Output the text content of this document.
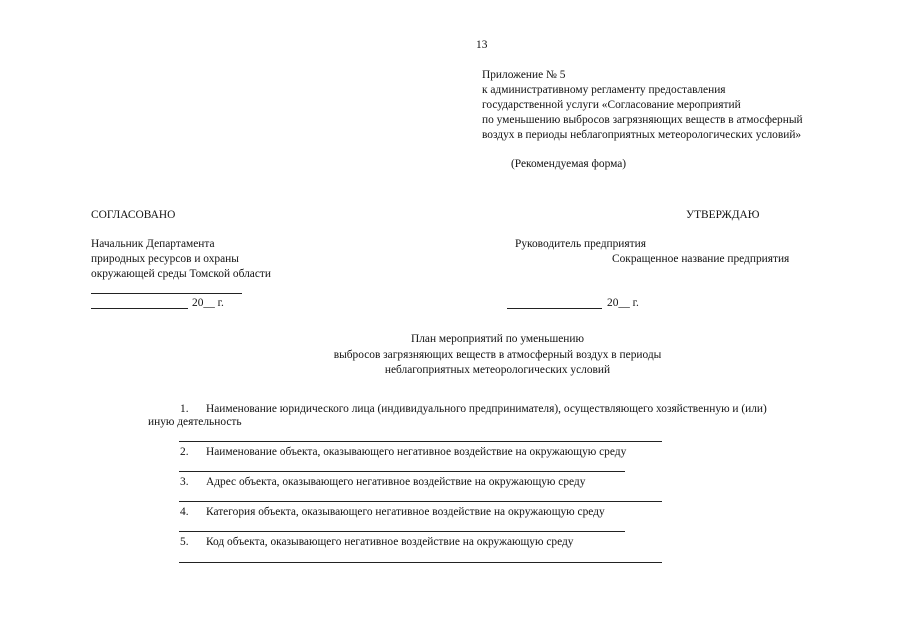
13
Приложение № 5
к административному регламенту предоставления
государственной услуги «Согласование мероприятий
по уменьшению выбросов загрязняющих веществ в атмосферный
воздух в периоды неблагоприятных метеорологических условий»
(Рекомендуемая форма)
СОГЛАСОВАНО
Начальник Департамента
природных ресурсов и охраны
окружающей среды Томской области
20__ г.
УТВЕРЖДАЮ
Руководитель предприятия
Сокращенное название предприятия
20__ г.
План мероприятий по уменьшению
выбросов загрязняющих веществ в атмосферный воздух в периоды
неблагоприятных метеорологических условий
1. Наименование юридического лица (индивидуального предпринимателя), осуществляющего хозяйственную и (или)
иную деятельность
2. Наименование объекта, оказывающего негативное воздействие на окружающую среду
3. Адрес объекта, оказывающего негативное воздействие на окружающую среду
4. Категория объекта, оказывающего негативное воздействие на окружающую среду
5. Код объекта, оказывающего негативное воздействие на окружающую среду
